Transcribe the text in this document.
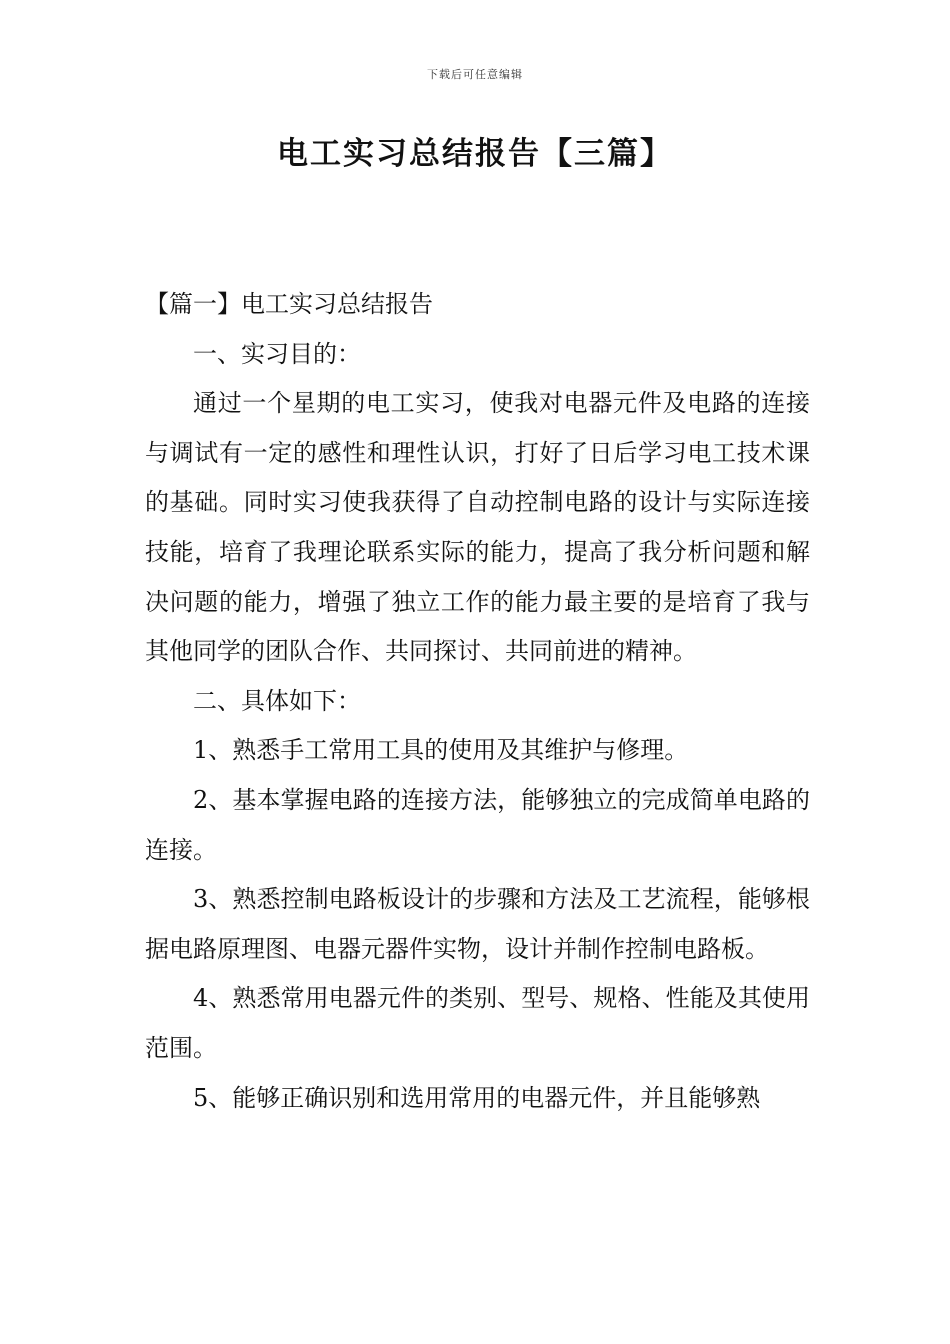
下载后可任意编辑
电工实习总结报告【三篇】

【篇一】电工实习总结报告

一、实习目的：

通过一个星期的电工实习，使我对电器元件及电路的连接与调试有一定的感性和理性认识，打好了日后学习电工技术课的基础。同时实习使我获得了自动控制电路的设计与实际连接技能，培育了我理论联系实际的能力，提高了我分析问题和解决问题的能力，增强了独立工作的能力最主要的是培育了我与其他同学的团队合作、共同探讨、共同前进的精神。

二、具体如下：

1、熟悉手工常用工具的使用及其维护与修理。

2、基本掌握电路的连接方法，能够独立的完成简单电路的连接。

3、熟悉控制电路板设计的步骤和方法及工艺流程，能够根据电路原理图、电器元器件实物，设计并制作控制电路板。

4、熟悉常用电器元件的类别、型号、规格、性能及其使用范围。

5、能够正确识别和选用常用的电器元件，并且能够熟
